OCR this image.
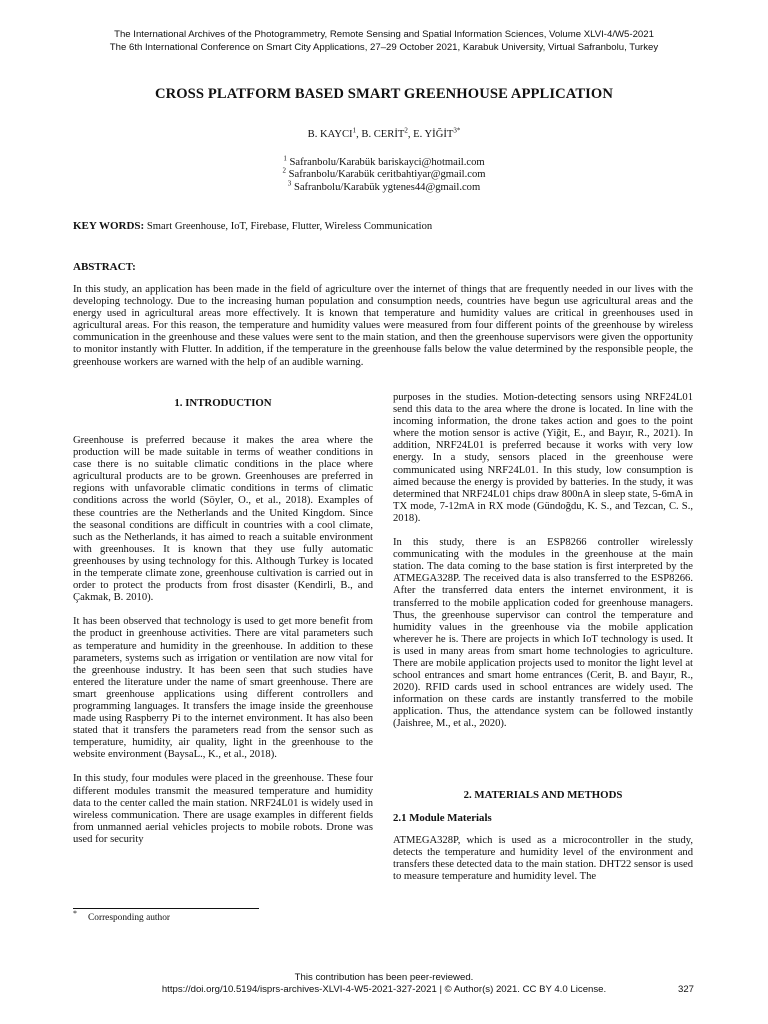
The International Archives of the Photogrammetry, Remote Sensing and Spatial Information Sciences, Volume XLVI-4/W5-2021
The 6th International Conference on Smart City Applications, 27–29 October 2021, Karabuk University, Virtual Safranbolu, Turkey
CROSS PLATFORM BASED SMART GREENHOUSE APPLICATION
B. KAYCI$^1$, B. CERİT$^2$, E. $YİĞİT^{3*}$
$^1$ Safranbolu/Karabük bariskayci@hotmail.com
$^2$ Safranbolu/Karabük ceritbahtiyar@gmail.com
$^3$ Safranbolu/Karabük ygtenes44@gmail.com
KEY WORDS: Smart Greenhouse, IoT, Firebase, Flutter, Wireless Communication
ABSTRACT:
In this study, an application has been made in the field of agriculture over the internet of things that are frequently needed in our lives with the developing technology. Due to the increasing human population and consumption needs, countries have begun use agricultural areas and the energy used in agricultural areas more effectively. It is known that temperature and humidity values are critical in greenhouses used in agricultural areas. For this reason, the temperature and humidity values were measured from four different points of the greenhouse by wireless communication in the greenhouse and these values were sent to the main station, and then the greenhouse supervisors were given the opportunity to monitor instantly with Flutter. In addition, if the temperature in the greenhouse falls below the value determined by the responsible people, the greenhouse workers are warned with the help of an audible warning.
1. INTRODUCTION

Greenhouse is preferred because it makes the area where the production will be made suitable in terms of weather conditions in case there is no suitable climatic conditions in the place where agricultural products are to be grown. Greenhouses are preferred in regions with unfavorable climatic conditions in terms of climatic conditions across the world (Söyler, O., et al., 2018). Examples of these countries are the Netherlands and the United Kingdom. Since the seasonal conditions are difficult in countries with a cool climate, such as the Netherlands, it has aimed to reach a suitable environment with greenhouses. It is known that they use fully automatic greenhouses by using technology for this. Although Turkey is located in the temperate climate zone, greenhouse cultivation is carried out in order to protect the products from frost disaster (Kendirli, B., and Çakmak, B. 2010).

It has been observed that technology is used to get more benefit from the product in greenhouse activities. There are vital parameters such as temperature and humidity in the greenhouse. In addition to these parameters, systems such as irrigation or ventilation are now vital for the greenhouse industry. It has been seen that such studies have entered the literature under the name of smart greenhouse. There are smart greenhouse applications using different controllers and programming languages. It transfers the image inside the greenhouse made using Raspberry Pi to the internet environment. It has also been stated that it transfers the parameters read from the sensor such as temperature, humidity, air quality, light in the greenhouse to the website environment (BaysaL., K., et al., 2018).

In this study, four modules were placed in the greenhouse. These four different modules transmit the measured temperature and humidity data to the center called the main station. NRF24L01 is widely used in wireless communication. There are usage examples in different fields from unmanned aerial vehicles projects to mobile robots. Drone was used for security

purposes in the studies. Motion-detecting sensors using NRF24L01 send this data to the area where the drone is located. In line with the incoming information, the drone takes action and goes to the point where the motion sensor is active (Yiğit, E., and Bayır, R., 2021). In addition, NRF24L01 is preferred because it works with very low energy. In a study, sensors placed in the greenhouse were communicated using NRF24L01. In this study, low consumption is aimed because the energy is provided by batteries. In the study, it was determined that NRF24L01 chips draw 800nA in sleep state, 5-6mA in TX mode, 7-12mA in RX mode (Gündoğdu, K. S., and Tezcan, C. S., 2018).

In this study, there is an ESP8266 controller wirelessly communicating with the modules in the greenhouse at the main station. The data coming to the base station is first interpreted by the ATMEGA328P. The received data is also transferred to the ESP8266. After the transferred data enters the internet environment, it is transferred to the mobile application coded for greenhouse managers. Thus, the greenhouse supervisor can control the temperature and humidity values in the greenhouse via the mobile application wherever he is. There are projects in which IoT technology is used. It is used in many areas from smart home technologies to agriculture. There are mobile application projects used to monitor the light level at school entrances and smart home entrances (Cerit, B. and Bayır, R., 2020). RFID cards used in school entrances are widely used. The information on these cards are instantly transferred to the mobile application. Thus, the attendance system can be followed instantly (Jaishree, M., et al., 2020).

2. MATERIALS AND METHODS
2.1 Module Materials

ATMEGA328P, which is used as a microcontroller in the study, detects the temperature and humidity level of the environment and transfers these detected data to the main station. DHT22 sensor is used to measure temperature and humidity level. The

* Corresponding author
This contribution has been peer-reviewed.
https://doi.org/10.5194/isprs-archives-XLVI-4-W5-2021-327-2021 | © Author(s) 2021. CC BY 4.0 License.	327
